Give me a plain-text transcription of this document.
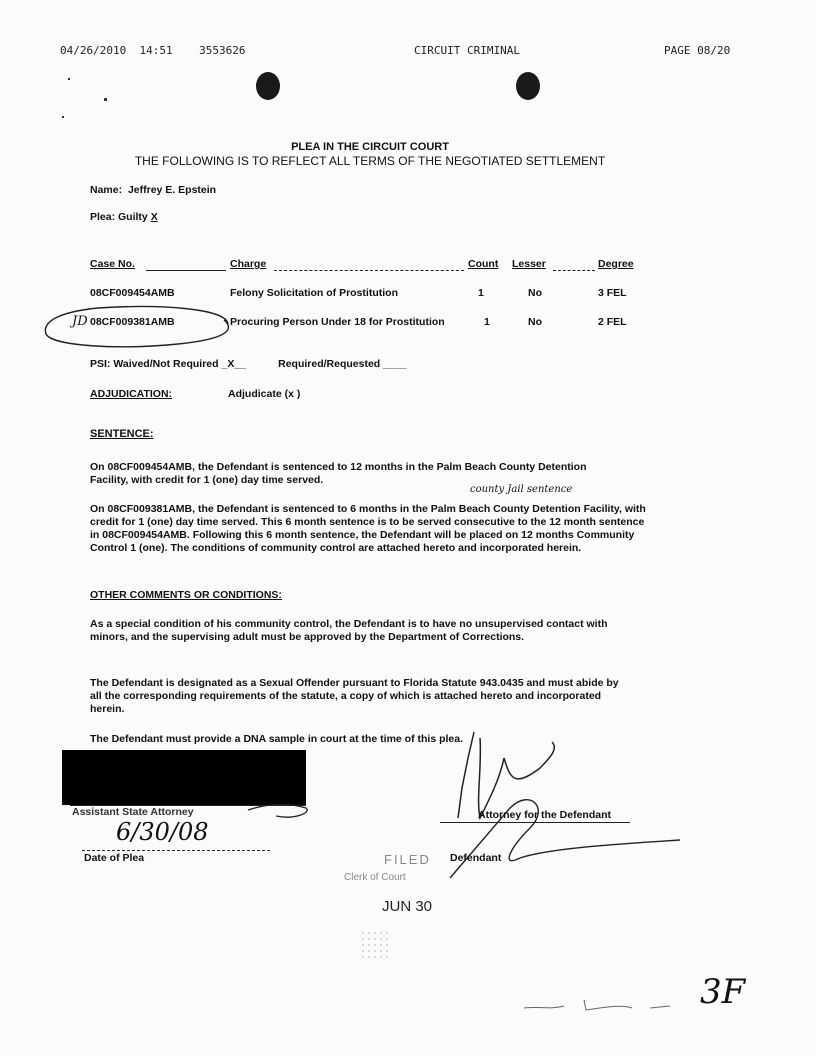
04/26/2010 14:51 3553626	CIRCUIT CRIMINAL	PAGE 08/20
PLEA IN THE CIRCUIT COURT
THE FOLLOWING IS TO REFLECT ALL TERMS OF THE NEGOTIATED SETTLEMENT
Name: Jeffrey E. Epstein
Plea: Guilty X
Case No.	Charge	Count Lesser	Degree
08CF009454AMB	Felony Solicitation of Prostitution	1	No	3 FEL
JD 08CF009381AMB	Procuring Person Under 18 for Prostitution	1	No	2 FEL
PSI: Waived/Not Required _X__	Required/Requested ____
ADJUDICATION:	Adjudicate (x )
SENTENCE:
On 08CF009454AMB, the Defendant is sentenced to 12 months in the Palm Beach County Detention Facility, with credit for 1 (one) day time served.
county Jail sentence
On 08CF009381AMB, the Defendant is sentenced to 6 months in the Palm Beach County Detention Facility, with credit for 1 (one) day time served. This 6 month sentence is to be served consecutive to the 12 month sentence in 08CF009454AMB. Following this 6 month sentence, the Defendant will be placed on 12 months Community Control 1 (one). The conditions of community control are attached hereto and incorporated herein.
OTHER COMMENTS OR CONDITIONS:
As a special condition of his community control, the Defendant is to have no unsupervised contact with minors, and the supervising adult must be approved by the Department of Corrections.
The Defendant is designated as a Sexual Offender pursuant to Florida Statute 943.0435 and must abide by all the corresponding requirements of the statute, a copy of which is attached hereto and incorporated herein.
The Defendant must provide a DNA sample in court at the time of this plea.
Assistant State Attorney
6/30/08
Date of Plea
Attorney for the Defendant
Defendant
FILED
Clerk of Court
JUN 30
3F
